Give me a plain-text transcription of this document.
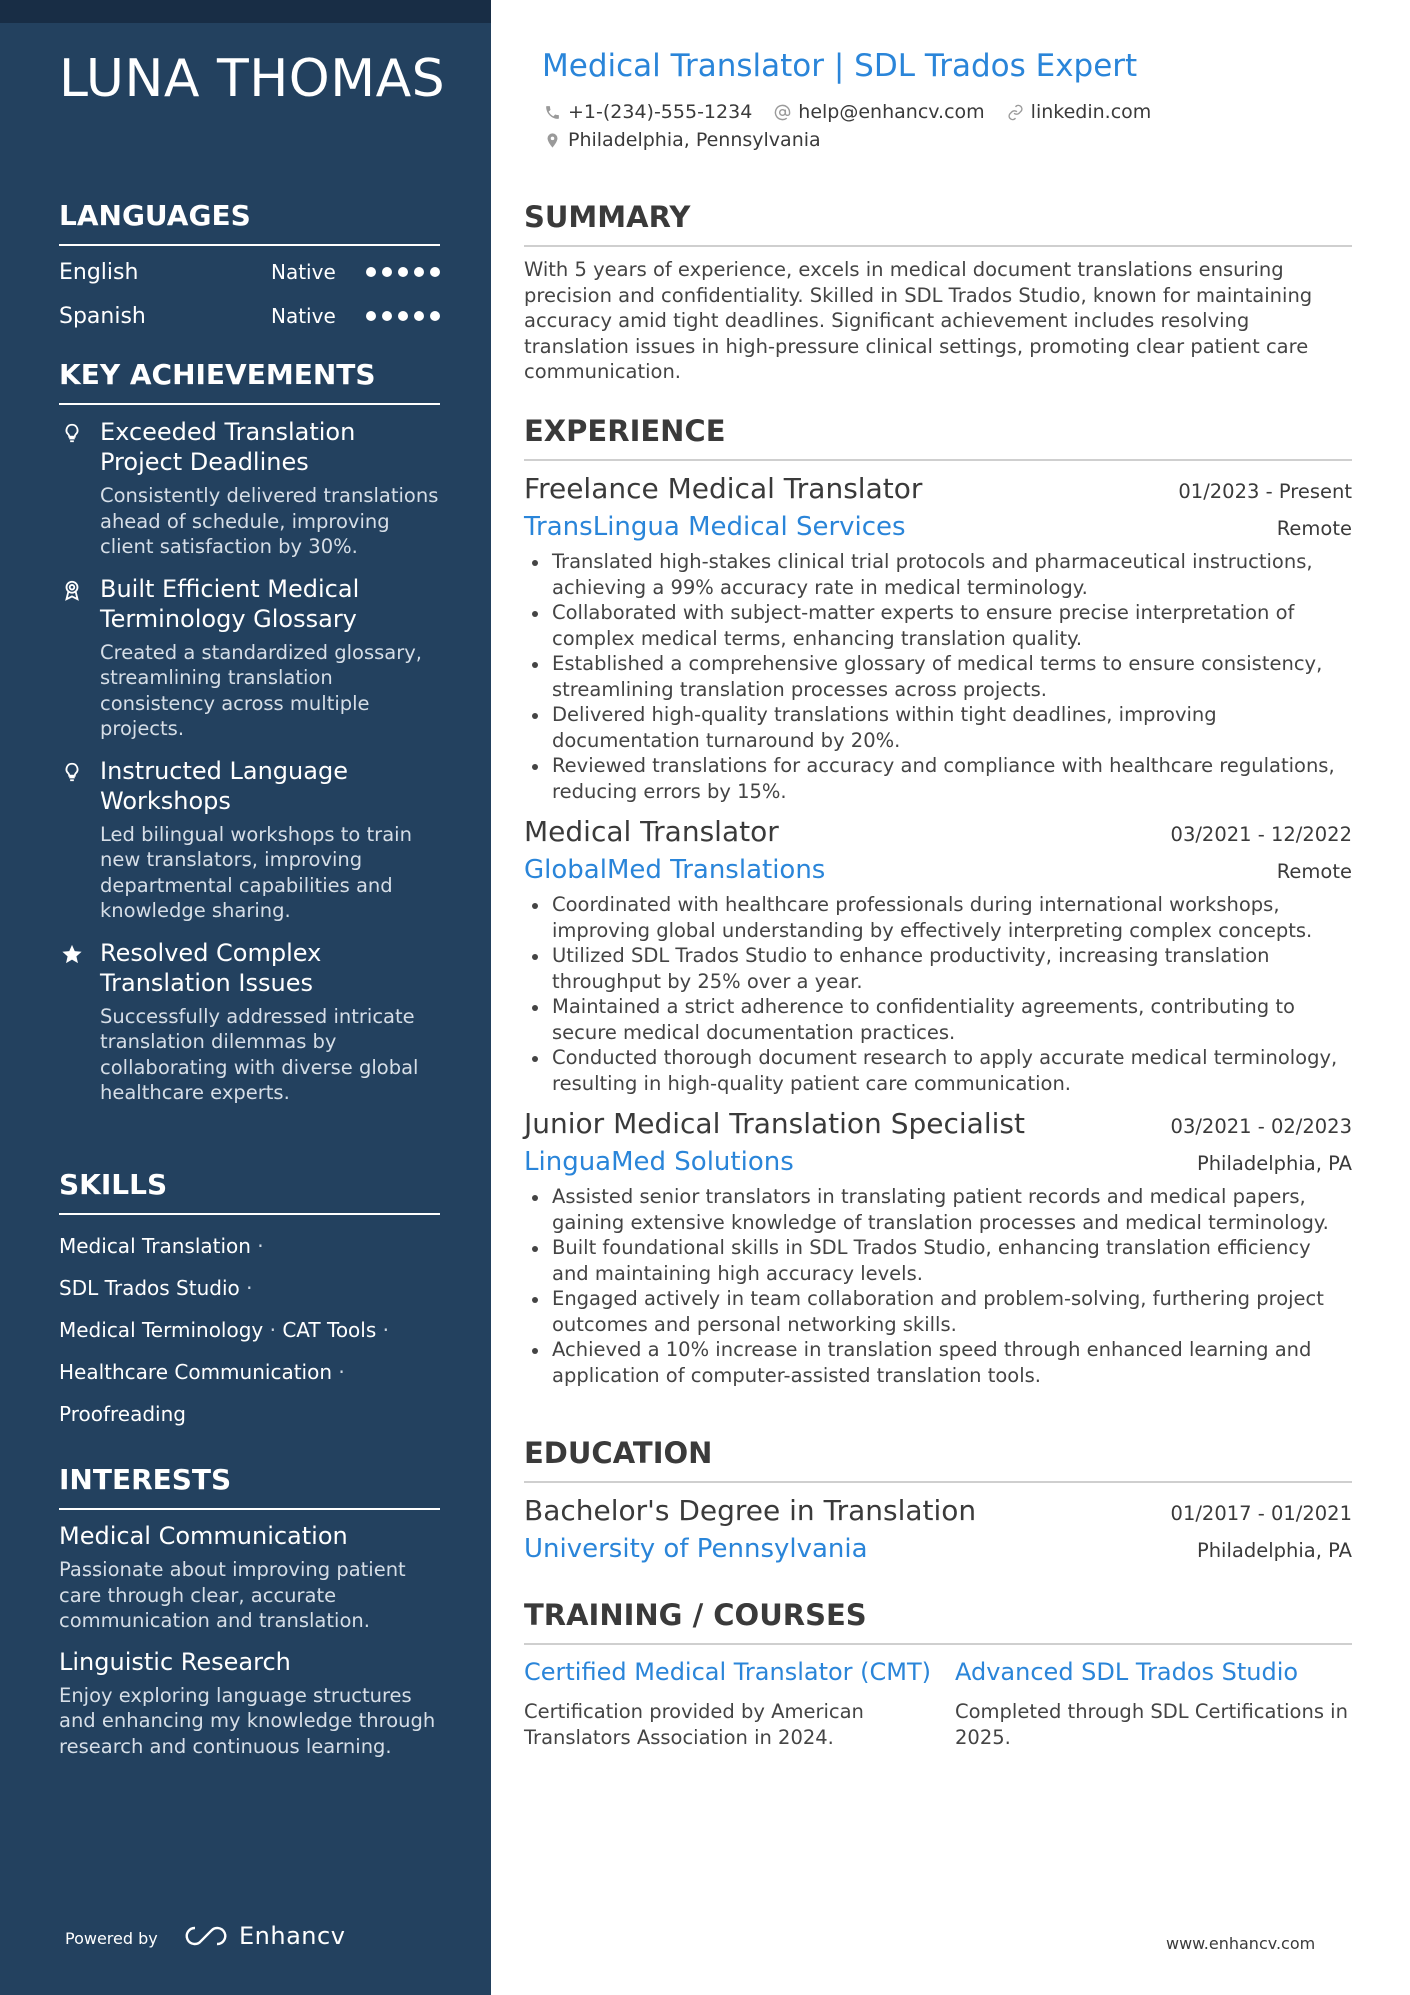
LUNA THOMAS
LANGUAGES
English	Native
Spanish	Native
KEY ACHIEVEMENTS
Exceeded Translation Project Deadlines
Consistently delivered translations ahead of schedule, improving client satisfaction by 30%.
Built Efficient Medical Terminology Glossary
Created a standardized glossary, streamlining translation consistency across multiple projects.
Instructed Language Workshops
Led bilingual workshops to train new translators, improving departmental capabilities and knowledge sharing.
Resolved Complex Translation Issues
Successfully addressed intricate translation dilemmas by collaborating with diverse global healthcare experts.
SKILLS
Medical Translation ·
SDL Trados Studio ·
Medical Terminology · CAT Tools ·
Healthcare Communication ·
Proofreading
INTERESTS
Medical Communication
Passionate about improving patient care through clear, accurate communication and translation.
Linguistic Research
Enjoy exploring language structures and enhancing my knowledge through research and continuous learning.
Powered by	Enhancv
Medical Translator | SDL Trados Expert
+1-(234)-555-1234 help@enhancv.com linkedin.com
Philadelphia, Pennsylvania
SUMMARY
With 5 years of experience, excels in medical document translations ensuring precision and confidentiality. Skilled in SDL Trados Studio, known for maintaining accuracy amid tight deadlines. Significant achievement includes resolving translation issues in high-pressure clinical settings, promoting clear patient care communication.
EXPERIENCE
Freelance Medical Translator	01/2023 - Present
TransLingua Medical Services	Remote
Translated high-stakes clinical trial protocols and pharmaceutical instructions, achieving a 99% accuracy rate in medical terminology.
Collaborated with subject-matter experts to ensure precise interpretation of complex medical terms, enhancing translation quality.
Established a comprehensive glossary of medical terms to ensure consistency, streamlining translation processes across projects.
Delivered high-quality translations within tight deadlines, improving documentation turnaround by 20%.
Reviewed translations for accuracy and compliance with healthcare regulations, reducing errors by 15%.
Medical Translator	03/2021 - 12/2022
GlobalMed Translations	Remote
Coordinated with healthcare professionals during international workshops, improving global understanding by effectively interpreting complex concepts.
Utilized SDL Trados Studio to enhance productivity, increasing translation throughput by 25% over a year.
Maintained a strict adherence to confidentiality agreements, contributing to secure medical documentation practices.
Conducted thorough document research to apply accurate medical terminology, resulting in high-quality patient care communication.
Junior Medical Translation Specialist	03/2021 - 02/2023
LinguaMed Solutions	Philadelphia, PA
Assisted senior translators in translating patient records and medical papers, gaining extensive knowledge of translation processes and medical terminology.
Built foundational skills in SDL Trados Studio, enhancing translation efficiency and maintaining high accuracy levels.
Engaged actively in team collaboration and problem-solving, furthering project outcomes and personal networking skills.
Achieved a 10% increase in translation speed through enhanced learning and application of computer-assisted translation tools.
EDUCATION
Bachelor's Degree in Translation	01/2017 - 01/2021
University of Pennsylvania	Philadelphia, PA
TRAINING / COURSES
Certified Medical Translator (CMT)
Certification provided by American Translators Association in 2024.
Advanced SDL Trados Studio
Completed through SDL Certifications in 2025.
www.enhancv.com
